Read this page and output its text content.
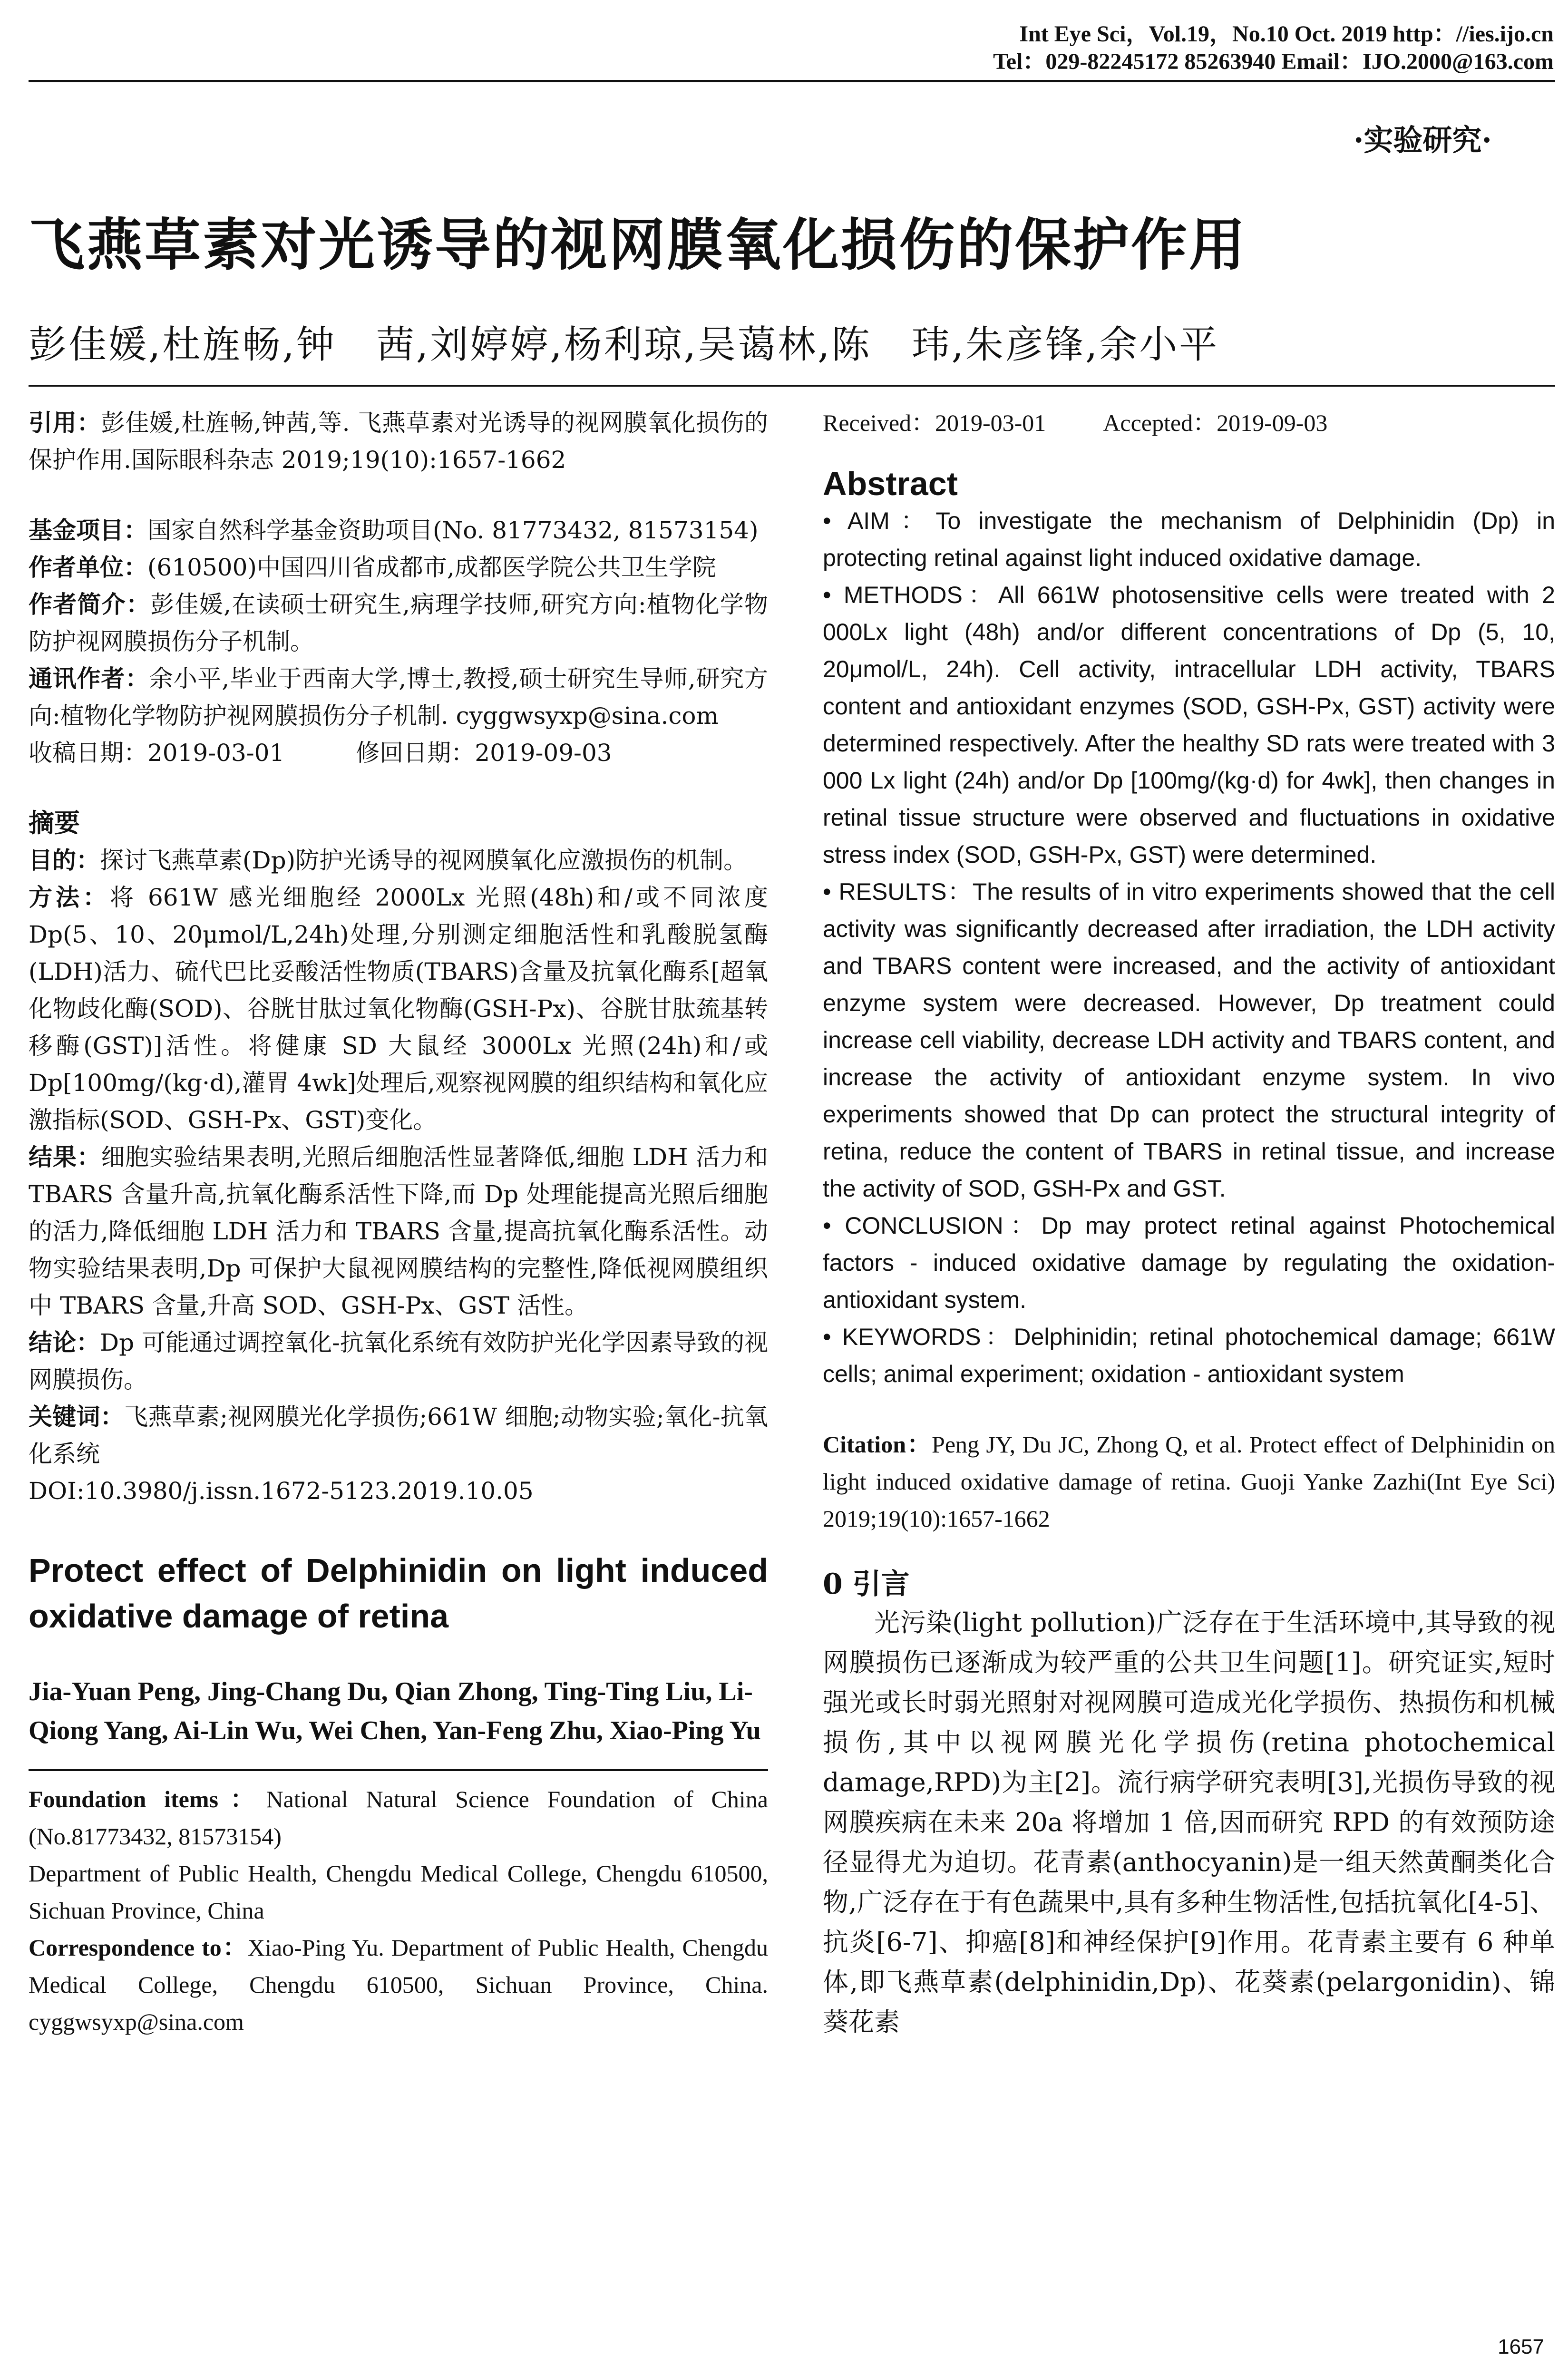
Int Eye Sci，Vol.19，No.10 Oct. 2019 http：//ies.ijo.cn
Tel：029-82245172 85263940 Email：IJO.2000@163.com
·实验研究·
飞燕草素对光诱导的视网膜氧化损伤的保护作用
彭佳媛,杜旌畅,钟　茜,刘婷婷,杨利琼,吴蔼林,陈　玮,朱彦锋,余小平

引用：彭佳媛,杜旌畅,钟茜,等. 飞燕草素对光诱导的视网膜氧化损伤的保护作用.国际眼科杂志 2019;19(10):1657-1662

基金项目：国家自然科学基金资助项目(No. 81773432, 81573154)

作者单位：(610500)中国四川省成都市,成都医学院公共卫生学院

作者简介：彭佳媛,在读硕士研究生,病理学技师,研究方向:植物化学物防护视网膜损伤分子机制。

通讯作者：余小平,毕业于西南大学,博士,教授,硕士研究生导师,研究方向:植物化学物防护视网膜损伤分子机制. cyggwsyxp@sina.com

收稿日期：2019-03-01	修回日期：2019-09-03

摘要

目的：探讨飞燕草素(Dp)防护光诱导的视网膜氧化应激损伤的机制。

方法：将 661W 感光细胞经 2000Lx 光照(48h)和/或不同浓度 Dp(5、10、20μmol/L,24h)处理,分别测定细胞活性和乳酸脱氢酶(LDH)活力、硫代巴比妥酸活性物质(TBARS)含量及抗氧化酶系[超氧化物歧化酶(SOD)、谷胱甘肽过氧化物酶(GSH-Px)、谷胱甘肽巯基转移酶(GST)]活性。将健康 SD 大鼠经 3000Lx 光照(24h)和/或 Dp[100mg/(kg·d),灌胃 4wk]处理后,观察视网膜的组织结构和氧化应激指标(SOD、GSH-Px、GST)变化。

结果：细胞实验结果表明,光照后细胞活性显著降低,细胞 LDH 活力和 TBARS 含量升高,抗氧化酶系活性下降,而 Dp 处理能提高光照后细胞的活力,降低细胞 LDH 活力和 TBARS 含量,提高抗氧化酶系活性。动物实验结果表明,Dp 可保护大鼠视网膜结构的完整性,降低视网膜组织中 TBARS 含量,升高 SOD、GSH-Px、GST 活性。

结论：Dp 可能通过调控氧化-抗氧化系统有效防护光化学因素导致的视网膜损伤。

关键词：飞燕草素;视网膜光化学损伤;661W 细胞;动物实验;氧化-抗氧化系统

DOI:10.3980/j.issn.1672-5123.2019.10.05

Protect effect of Delphinidin on light induced oxidative damage of retina
Jia-Yuan Peng, Jing-Chang Du, Qian Zhong, Ting-Ting Liu, Li-Qiong Yang, Ai-Lin Wu, Wei Chen, Yan-Feng Zhu, Xiao-Ping Yu

Foundation items：National Natural Science Foundation of China (No.81773432, 81573154)

Department of Public Health, Chengdu Medical College, Chengdu 610500, Sichuan Province, China

Correspondence to：Xiao-Ping Yu. Department of Public Health, Chengdu Medical College, Chengdu 610500, Sichuan Province, China. cyggwsyxp@sina.com

Received：2019-03-01 Accepted：2019-09-03

Abstract

• AIM：To investigate the mechanism of Delphinidin (Dp) in protecting retinal against light induced oxidative damage.

• METHODS：All 661W photosensitive cells were treated with 2 000Lx light (48h) and/or different concentrations of Dp (5, 10, 20μmol/L, 24h). Cell activity, intracellular LDH activity, TBARS content and antioxidant enzymes (SOD, GSH-Px, GST) activity were determined respectively. After the healthy SD rats were treated with 3 000 Lx light (24h) and/or Dp [100mg/(kg·d) for 4wk], then changes in retinal tissue structure were observed and fluctuations in oxidative stress index (SOD, GSH-Px, GST) were determined.

• RESULTS：The results of in vitro experiments showed that the cell activity was significantly decreased after irradiation, the LDH activity and TBARS content were increased, and the activity of antioxidant enzyme system were decreased. However, Dp treatment could increase cell viability, decrease LDH activity and TBARS content, and increase the activity of antioxidant enzyme system. In vivo experiments showed that Dp can protect the structural integrity of retina, reduce the content of TBARS in retinal tissue, and increase the activity of SOD, GSH-Px and GST.

• CONCLUSION：Dp may protect retinal against Photochemical factors - induced oxidative damage by regulating the oxidation-antioxidant system.

• KEYWORDS：Delphinidin; retinal photochemical damage; 661W cells; animal experiment; oxidation - antioxidant system

Citation：Peng JY, Du JC, Zhong Q, et al. Protect effect of Delphinidin on light induced oxidative damage of retina. Guoji Yanke Zazhi(Int Eye Sci) 2019;19(10):1657-1662

0 引言

光污染(light pollution)广泛存在于生活环境中,其导致的视网膜损伤已逐渐成为较严重的公共卫生问题[1]。研究证实,短时强光或长时弱光照射对视网膜可造成光化学损伤、热损伤和机械损伤,其中以视网膜光化学损伤(retina photochemical damage,RPD)为主[2]。流行病学研究表明[3],光损伤导致的视网膜疾病在未来 20a 将增加 1 倍,因而研究 RPD 的有效预防途径显得尤为迫切。花青素(anthocyanin)是一组天然黄酮类化合物,广泛存在于有色蔬果中,具有多种生物活性,包括抗氧化[4-5]、抗炎[6-7]、抑癌[8]和神经保护[9]作用。花青素主要有 6 种单体,即飞燕草素(delphinidin,Dp)、花葵素(pelargonidin)、锦葵花素

1657
